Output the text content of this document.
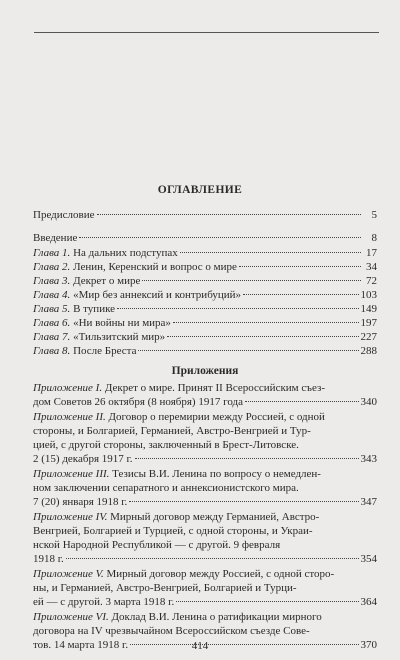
ОГЛАВЛЕНИЕ
Предисловие	5
Введение	8
Глава 1. На дальних подступах	17
Глава 2. Ленин, Керенский и вопрос о мире	34
Глава 3. Декрет о мире	72
Глава 4. «Мир без аннексий и контрибуций»	103
Глава 5. В тупике	149
Глава 6. «Ни войны ни мира»	197
Глава 7. «Тильзитский мир»	227
Глава 8. После Бреста	288
Приложения
Приложение I. Декрет о мире. Принят II Всероссийским съез-
дом Советов 26 октября (8 ноября) 1917 года	340
Приложение II. Договор о перемирии между Россией, с одной
стороны, и Болгарией, Германией, Австро-Венгрией и Тур-
цией, с другой стороны, заключенный в Брест-Литовске.
2 (15) декабря 1917 г.	343
Приложение III. Тезисы В.И. Ленина по вопросу о немедлен-
ном заключении сепаратного и аннексионистского мира.
7 (20) января 1918 г.	347
Приложение IV. Мирный договор между Германией, Австро-
Венгрией, Болгарией и Турцией, с одной стороны, и Украи-
нской Народной Республикой — с другой. 9 февраля
1918 г.	354
Приложение V. Мирный договор между Россией, с одной сторо-
ны, и Германией, Австро-Венгрией, Болгарией и Турци-
ей — с другой. 3 марта 1918 г.	364
Приложение VI. Доклад В.И. Ленина о ратификации мирного
договора на IV чрезвычайном Всероссийском съезде Сове-
тов. 14 марта 1918 г.	370
414
